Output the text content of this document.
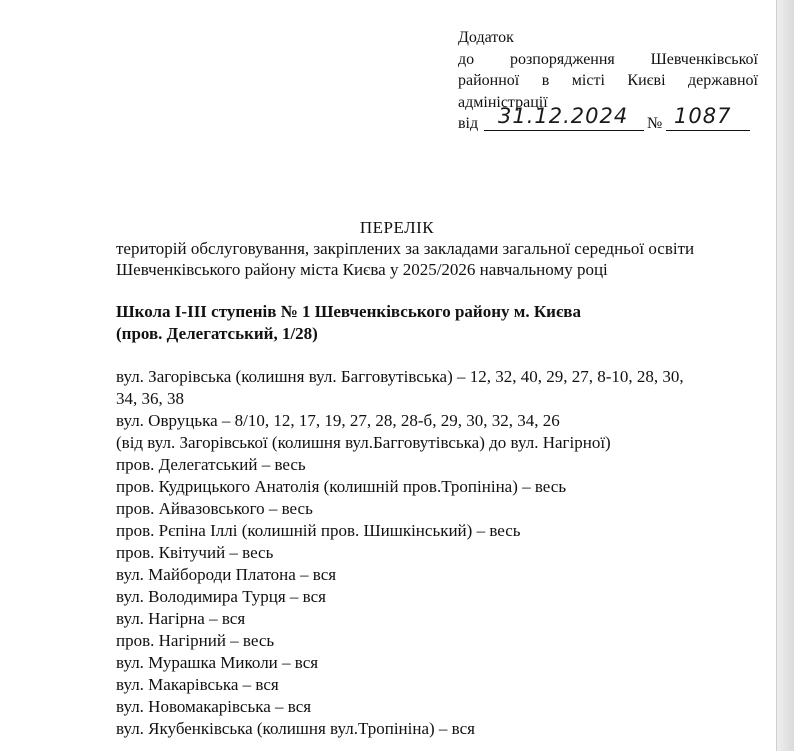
Додаток
до розпорядження Шевченківської
районної в місті Києві державної
адміністрації
від 31.12.2024 № 1087
ПЕРЕЛІК
територій обслуговування, закріплених за закладами загальної середньої освіти
Шевченківського району міста Києва у 2025/2026 навчальному році
Школа І-ІІІ ступенів № 1 Шевченківського району м. Києва
(пров. Делегатський, 1/28)
вул. Загорівська (колишня вул. Багговутівська) – 12, 32, 40, 29, 27, 8-10, 28, 30,
34, 36, 38
вул. Овруцька – 8/10, 12, 17, 19, 27, 28, 28-б, 29, 30, 32, 34, 26
(від вул. Загорівської (колишня вул.Багговутівська) до вул. Нагірної)
пров. Делегатський – весь
пров. Кудрицького Анатолія (колишній пров.Тропініна) – весь
пров. Айвазовського – весь
пров. Рєпіна Іллі (колишній пров. Шишкінський) – весь
пров. Квітучий – весь
вул. Майбороди Платона – вся
вул. Володимира Турця – вся
вул. Нагірна – вся
пров. Нагірний – весь
вул. Мурашка Миколи – вся
вул. Макарівська – вся
вул. Новомакарівська – вся
вул. Якубенківська (колишня вул.Тропініна) – вся
